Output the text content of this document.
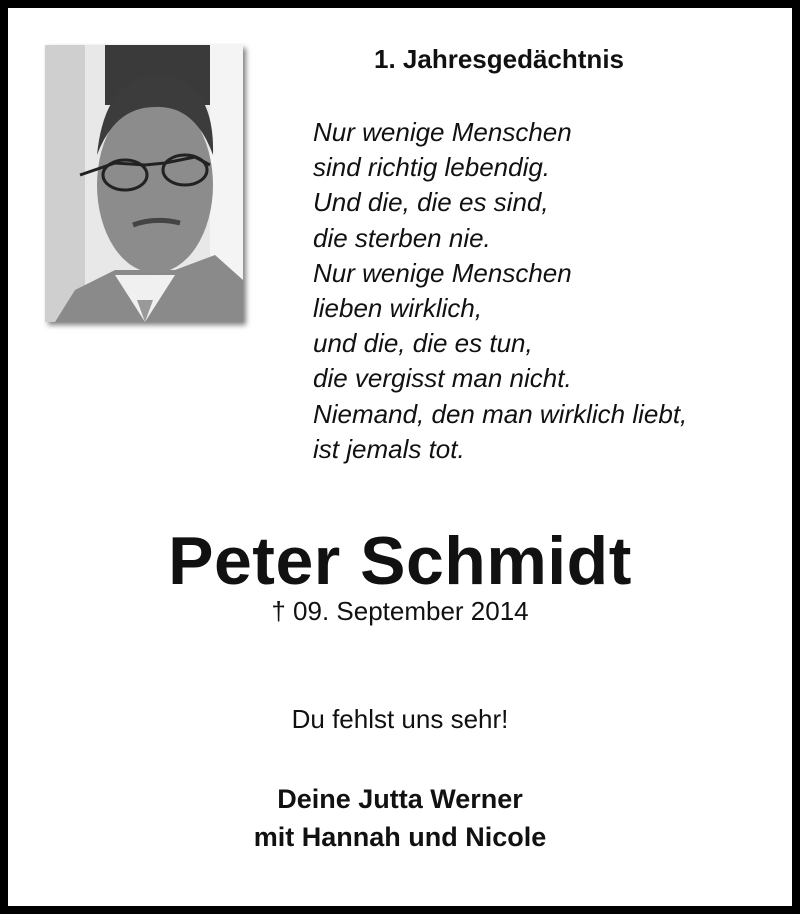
1. Jahresgedächtnis
Nur wenige Menschen
sind richtig lebendig.
Und die, die es sind,
die sterben nie.
Nur wenige Menschen
lieben wirklich,
und die, die es tun,
die vergisst man nicht.
Niemand, den man wirklich liebt,
ist jemals tot.
Peter Schmidt
† 09. September 2014
Du fehlst uns sehr!
Deine Jutta Werner
mit Hannah und Nicole
